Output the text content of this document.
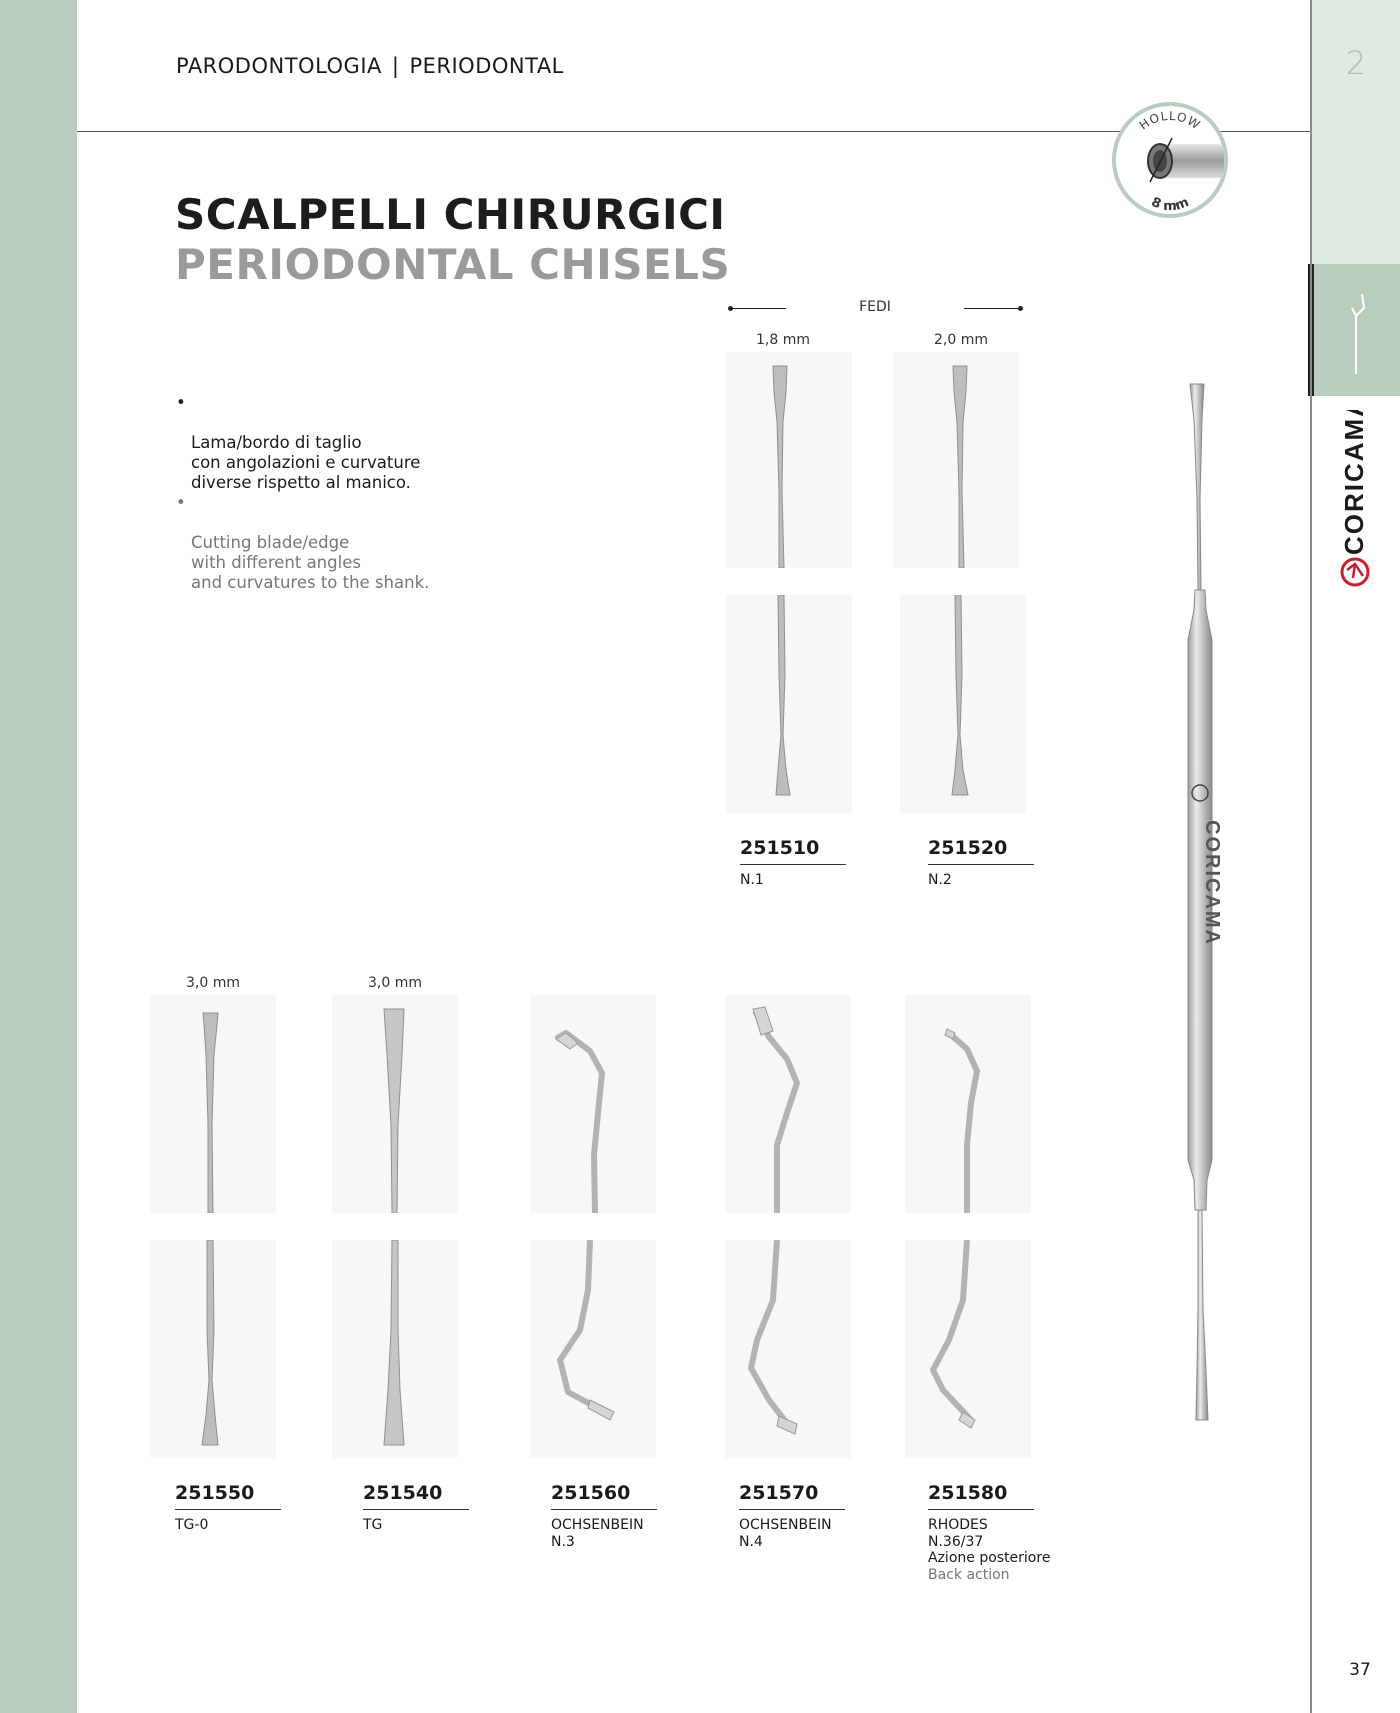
2
CORICAMA
PARODONTOLOGIA | PERIODONTAL
HOLLOW
8 mm
SCALPELLI CHIRURGICI
PERIODONTAL CHISELS

•

Lama/bordo di taglio
con angolazioni e curvature
diverse rispetto al manico.

•

Cutting blade/edge
with different angles
and curvatures to the shank.

FEDI
1,8 mm	2,0 mm
251510
N.1
251520
N.2	CORICAMA
3,0 mm	3,0 mm
251550
TG-0
251540
TG
251560
OCHSENBEIN
N.3
251570
OCHSENBEIN
N.4
251580
RHODES
N.36/37
Azione posteriore
Back action
37
